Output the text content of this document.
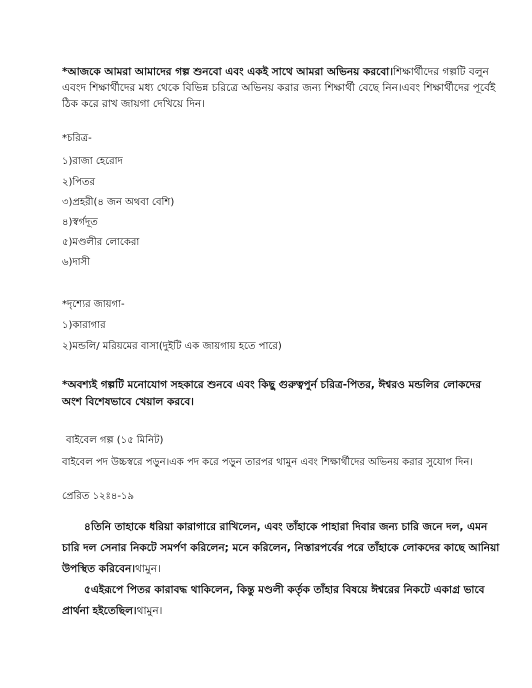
*আজকে আমরা আমাদের গল্প শুনবো এবং একই সাথে আমরা অভিনয় করবো।শিক্ষার্থীদের গল্পটি বলুন এবংদ শিক্ষার্থীদের মধ্য থেকে বিভিন্ন চরিত্রে অভিনয় করার জন্য শিক্ষার্থী বেছে নিন।এবং শিক্ষার্থীদের পূর্বেই ঠিক করে রাখ জায়গা দেখিয়ে দিন।

*চরিত্র-
১)রাজা হেরোদ
২)পিতর
৩)প্রহরী(৪ জন অথবা বেশি)
৪)স্বর্গদূত
৫)মণ্ডলীর লোকেরা
৬)দাসী
*দৃশ্যের জায়গা-
১)কারাগার
২)মন্ডলি/ মরিয়মের বাসা(দুইটি এক জায়গায় হতে পারে)

*অবশ্যই গল্পটি মনোযোগ সহকারে শুনবে এবং কিছু গুরুত্বপুর্ন চরিত্র-পিতর, ঈশ্বরও মন্ডলির লোকদের অংশ বিশেষভাবে খেয়াল করবে।

বাইবেল গল্প (১৫ মিনিট)

বাইবেল পদ উচ্চস্বরে পড়ুন।এক পদ করে পড়ুন তারপর থামুন এবং শিক্ষার্থীদের অভিনয় করার সুযোগ দিন।

প্রেরিত ১২ঃ৪-১৯

৪তিনি তাহাকে ধরিয়া কারাগারে রাখিলেন, এবং তাঁহাকে পাহারা দিবার জন্য চারি জনে দল, এমন চারি দল সেনার নিকটে সমর্পণ করিলেন; মনে করিলেন, নিস্তারপর্বের পরে তাঁহাকে লোকদের কাছে আনিয়া উপস্থিত করিবেন।থামুন।

৫এইরূপে পিতর কারাবদ্ধ থাকিলেন, কিন্তু মণ্ডলী কর্তৃক তাঁহার বিষয়ে ঈশ্বরের নিকটে একাগ্র ভাবে প্রার্থনা হইতেছিল।থামুন।
